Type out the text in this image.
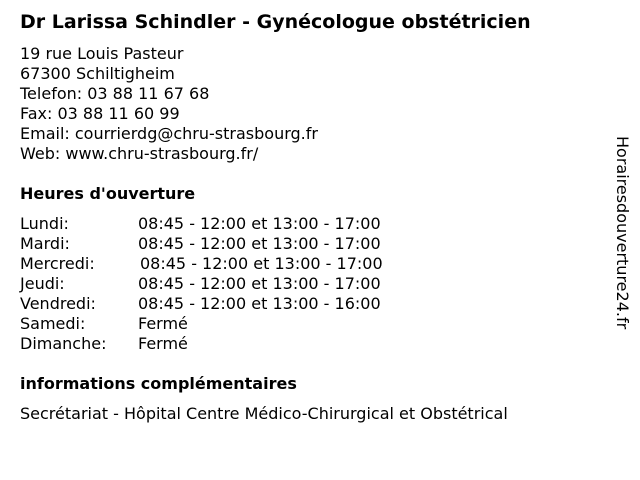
Dr Larissa Schindler - Gynécologue obstétricien
19 rue Louis Pasteur
67300 Schiltigheim
Telefon: 03 88 11 67 68
Fax: 03 88 11 60 99
Email: courrierdg@chru-strasbourg.fr
Web: www.chru-strasbourg.fr/
Heures d'ouverture
Lundi:	08:45 - 12:00 et 13:00 - 17:00
Mardi:	08:45 - 12:00 et 13:00 - 17:00
Mercredi:	08:45 - 12:00 et 13:00 - 17:00
Jeudi:	08:45 - 12:00 et 13:00 - 17:00
Vendredi:	08:45 - 12:00 et 13:00 - 16:00
Samedi:	Fermé
Dimanche: Fermé
informations complémentaires
Secrétariat - Hôpital Centre Médico-Chirurgical et Obstétrical
Horairesdouverture24.fr
